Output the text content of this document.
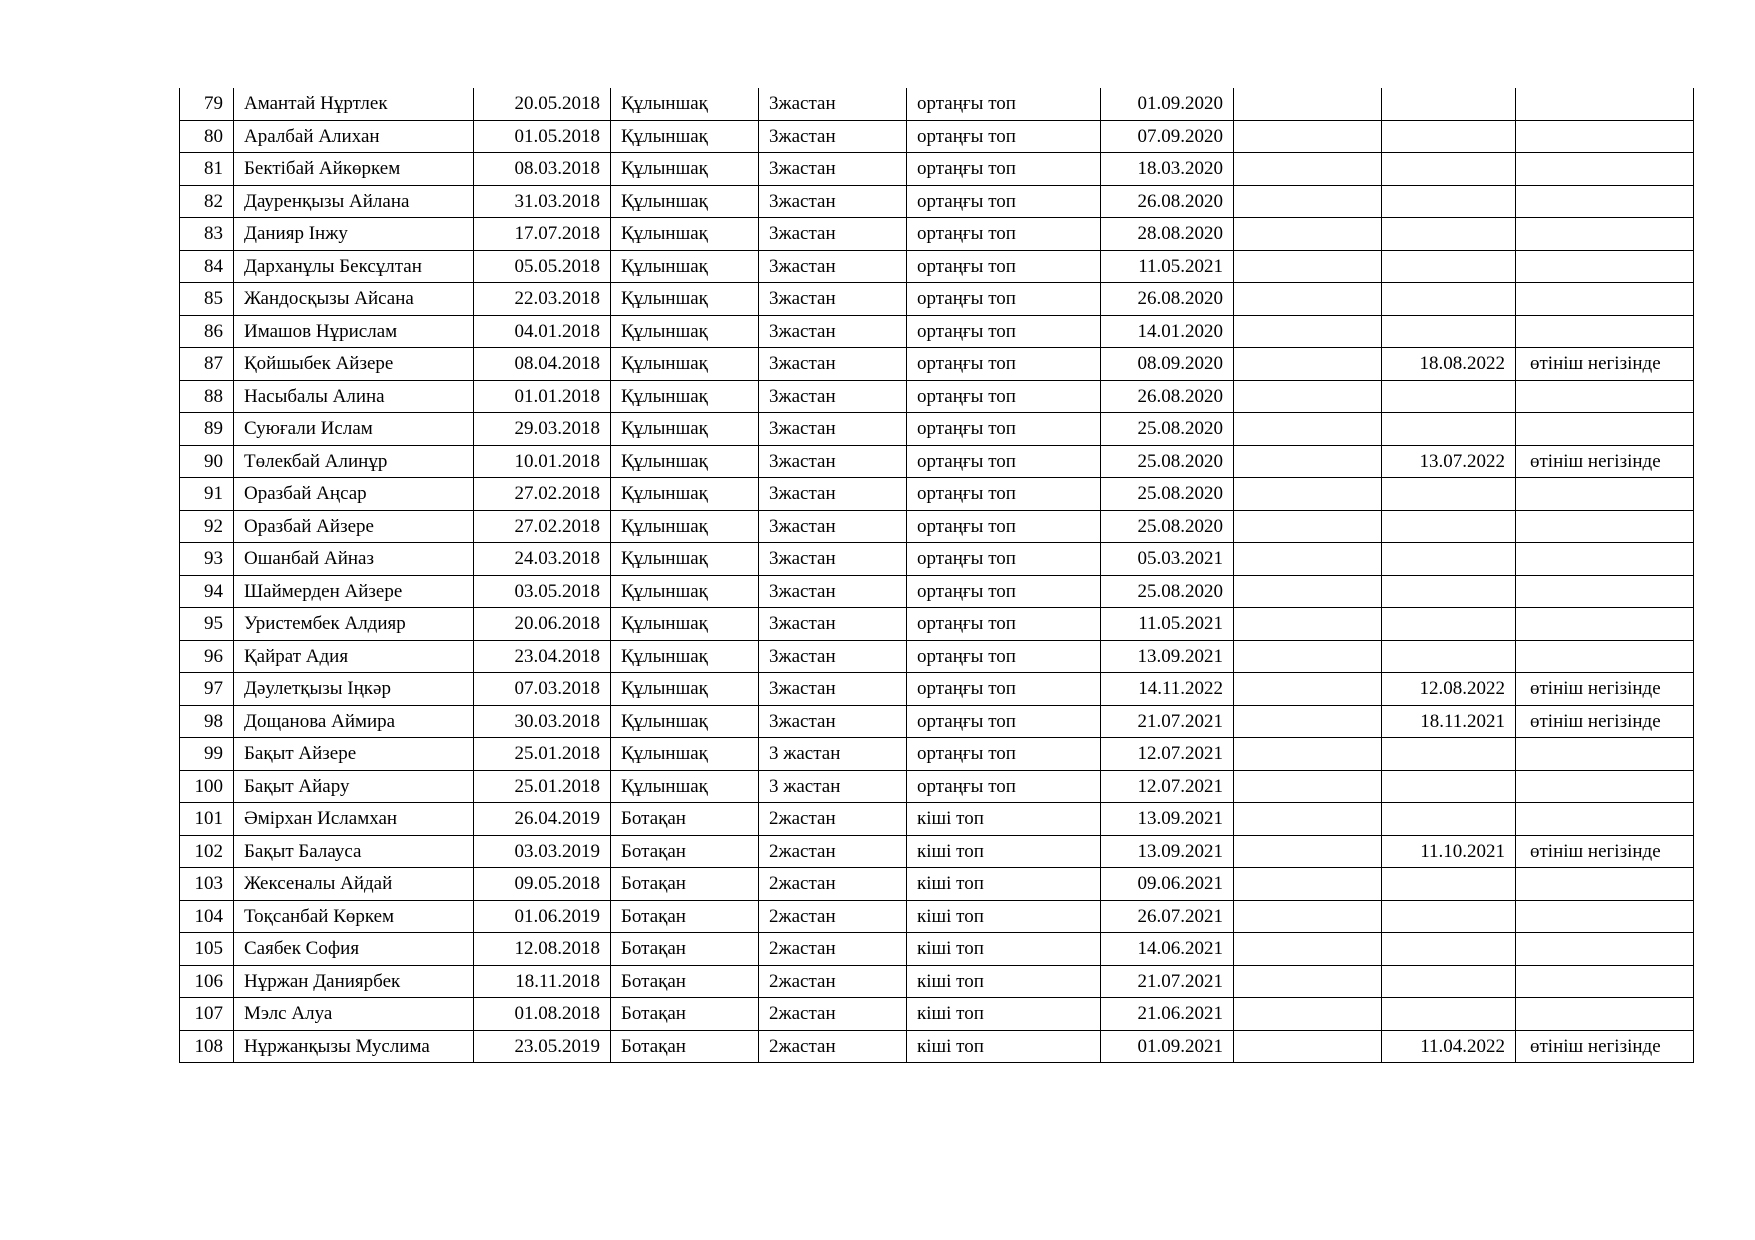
79	Амантай Нұртлек	20.05.2018	Құлыншақ	3жастан	ортаңғы топ	01.09.2020			
80	Аралбай Алихан	01.05.2018	Құлыншақ	3жастан	ортаңғы топ	07.09.2020			
81	Бектібай Айкөркем	08.03.2018	Құлыншақ	3жастан	ортаңғы топ	18.03.2020			
82	Дауренқызы Айлана	31.03.2018	Құлыншақ	3жастан	ортаңғы топ	26.08.2020			
83	Данияр Інжу	17.07.2018	Құлыншақ	3жастан	ортаңғы топ	28.08.2020			
84	Дарханұлы Бексұлтан	05.05.2018	Құлыншақ	3жастан	ортаңғы топ	11.05.2021			
85	Жандосқызы Айсана	22.03.2018	Құлыншақ	3жастан	ортаңғы топ	26.08.2020			
86	Имашов Нұрислам	04.01.2018	Құлыншақ	3жастан	ортаңғы топ	14.01.2020			
87	Қойшыбек Айзере	08.04.2018	Құлыншақ	3жастан	ортаңғы топ	08.09.2020		18.08.2022	өтініш негізінде
88	Насыбалы Алина	01.01.2018	Құлыншақ	3жастан	ортаңғы топ	26.08.2020			
89	Суюғали Ислам	29.03.2018	Құлыншақ	3жастан	ортаңғы топ	25.08.2020			
90	Төлекбай Алинұр	10.01.2018	Құлыншақ	3жастан	ортаңғы топ	25.08.2020		13.07.2022	өтініш негізінде
91	Оразбай Аңсар	27.02.2018	Құлыншақ	3жастан	ортаңғы топ	25.08.2020			
92	Оразбай Айзере	27.02.2018	Құлыншақ	3жастан	ортаңғы топ	25.08.2020			
93	Ошанбай Айназ	24.03.2018	Құлыншақ	3жастан	ортаңғы топ	05.03.2021			
94	Шаймерден Айзере	03.05.2018	Құлыншақ	3жастан	ортаңғы топ	25.08.2020			
95	Уристембек Алдияр	20.06.2018	Құлыншақ	3жастан	ортаңғы топ	11.05.2021			
96	Қайрат Адия	23.04.2018	Құлыншақ	3жастан	ортаңғы топ	13.09.2021			
97	Дәулетқызы Іңкәр	07.03.2018	Құлыншақ	3жастан	ортаңғы топ	14.11.2022		12.08.2022	өтініш негізінде
98	Дощанова Аймира	30.03.2018	Құлыншақ	3жастан	ортаңғы топ	21.07.2021		18.11.2021	өтініш негізінде
99	Бақыт Айзере	25.01.2018	Құлыншақ	3 жастан	ортаңғы топ	12.07.2021			
100	Бақыт Айару	25.01.2018	Құлыншақ	3 жастан	ортаңғы топ	12.07.2021			
101	Әмірхан Исламхан	26.04.2019	Ботақан	2жастан	кіші топ	13.09.2021			
102	Бақыт Балауса	03.03.2019	Ботақан	2жастан	кіші топ	13.09.2021		11.10.2021	өтініш негізінде
103	Жексеналы Айдай	09.05.2018	Ботақан	2жастан	кіші топ	09.06.2021			
104	Тоқсанбай Көркем	01.06.2019	Ботақан	2жастан	кіші топ	26.07.2021			
105	Саябек София	12.08.2018	Ботақан	2жастан	кіші топ	14.06.2021			
106	Нұржан Даниярбек	18.11.2018	Ботақан	2жастан	кіші топ	21.07.2021			
107	Мэлс Алуа	01.08.2018	Ботақан	2жастан	кіші топ	21.06.2021			
108	Нұржанқызы Муслима	23.05.2019	Ботақан	2жастан	кіші топ	01.09.2021		11.04.2022	өтініш негізінде
